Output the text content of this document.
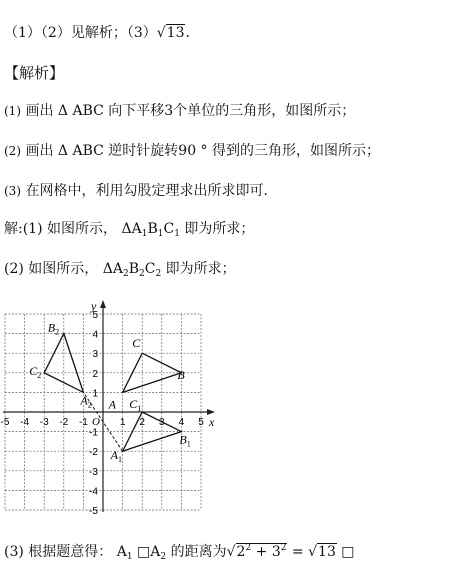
（1）（2）见解析；（3）√13．
【解析】
(1) 画出 Δ ABC 向下平移3个单位的三角形，如图所示；
(2) 画出 Δ ABC 逆时针旋转90 ° 得到的三角形，如图所示；
(3) 在网格中，利用勾股定理求出所求即可．
解:(1) 如图所示， $\Delta A_1B_1C_1$ 即为所求；
(2) 如图所示， $\Delta A_2B_2C_2$ 即为所求；
x
y
O
-5 -4 -3 -2 -1	1 2 3 4 5
-5
-4
-3
-2
-1
1
2
3
4
5
A
B
C
$A_1$
$B_1$
$C_1$
$A_2$
$B_2$
$C_2$
(3) 根据题意得： $A_1$ $□A_2$ 的距离为$√2^2 + 3^2 = √13$ □
